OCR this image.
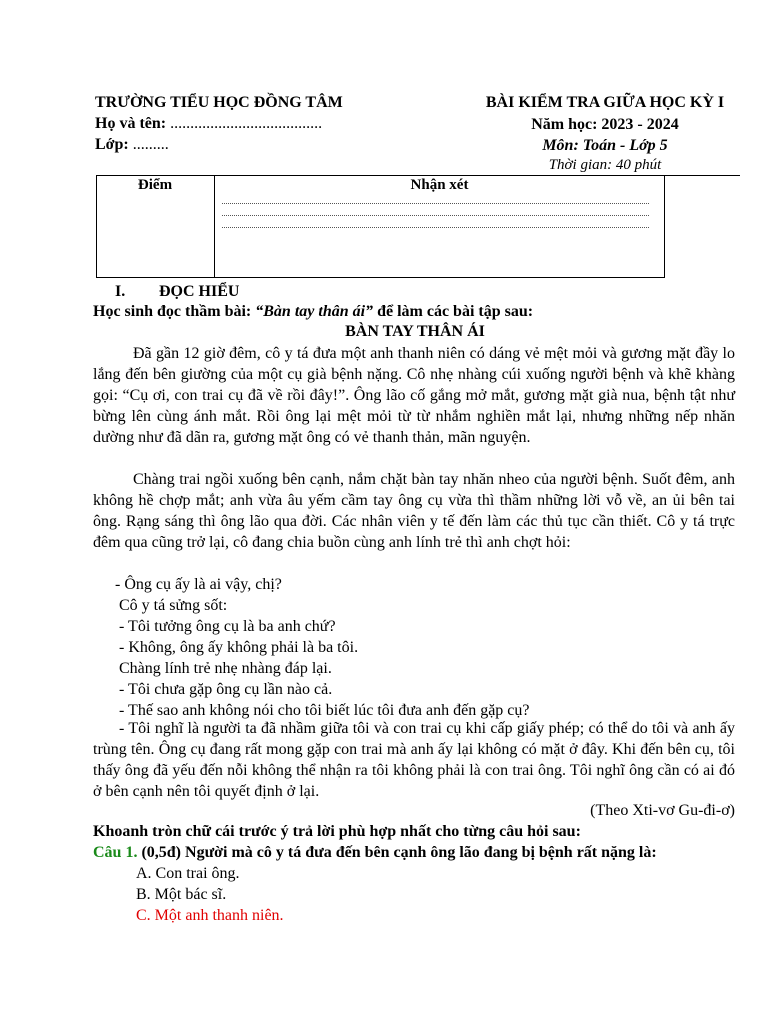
TRƯỜNG TIỂU HỌC ĐỒNG TÂM
Họ và tên: ......................................
Lớp: .........
BÀI KIỂM TRA GIỮA HỌC KỲ I
Năm học: 2023 - 2024
Môn: Toán - Lớp 5
Thời gian: 40 phút
Điểm	Nhận xét
I. ĐỌC HIỂU
Học sinh đọc thầm bài: “Bàn tay thân ái” để làm các bài tập sau:
BÀN TAY THÂN ÁI

Đã gần 12 giờ đêm, cô y tá đưa một anh thanh niên có dáng vẻ mệt mỏi và gương mặt đầy lo lắng đến bên giường của một cụ già bệnh nặng. Cô nhẹ nhàng cúi xuống người bệnh và khẽ khàng gọi: “Cụ ơi, con trai cụ đã về rồi đây!”. Ông lão cố gắng mở mắt, gương mặt già nua, bệnh tật như bừng lên cùng ánh mắt. Rồi ông lại mệt mỏi từ từ nhắm nghiền mắt lại, nhưng những nếp nhăn dường như đã dãn ra, gương mặt ông có vẻ thanh thản, mãn nguyện.

Chàng trai ngồi xuống bên cạnh, nắm chặt bàn tay nhăn nheo của người bệnh. Suốt đêm, anh không hề chợp mắt; anh vừa âu yếm cầm tay ông cụ vừa thì thầm những lời vỗ về, an ủi bên tai ông. Rạng sáng thì ông lão qua đời. Các nhân viên y tế đến làm các thủ tục cần thiết. Cô y tá trực đêm qua cũng trở lại, cô đang chia buồn cùng anh lính trẻ thì anh chợt hỏi:

- Ông cụ ấy là ai vậy, chị?
Cô y tá sửng sốt:
- Tôi tưởng ông cụ là ba anh chứ?
- Không, ông ấy không phải là ba tôi.
Chàng lính trẻ nhẹ nhàng đáp lại.
- Tôi chưa gặp ông cụ lần nào cả.
- Thế sao anh không nói cho tôi biết lúc tôi đưa anh đến gặp cụ?

- Tôi nghĩ là người ta đã nhầm giữa tôi và con trai cụ khi cấp giấy phép; có thể do tôi và anh ấy trùng tên. Ông cụ đang rất mong gặp con trai mà anh ấy lại không có mặt ở đây. Khi đến bên cụ, tôi thấy ông đã yếu đến nỗi không thể nhận ra tôi không phải là con trai ông. Tôi nghĩ ông cần có ai đó ở bên cạnh nên tôi quyết định ở lại.

(Theo Xti-vơ Gu-đi-ơ)
Khoanh tròn chữ cái trước ý trả lời phù hợp nhất cho từng câu hỏi sau:
Câu 1. (0,5đ) Người mà cô y tá đưa đến bên cạnh ông lão đang bị bệnh rất nặng là:
A. Con trai ông.
B. Một bác sĩ.
C. Một anh thanh niên.
